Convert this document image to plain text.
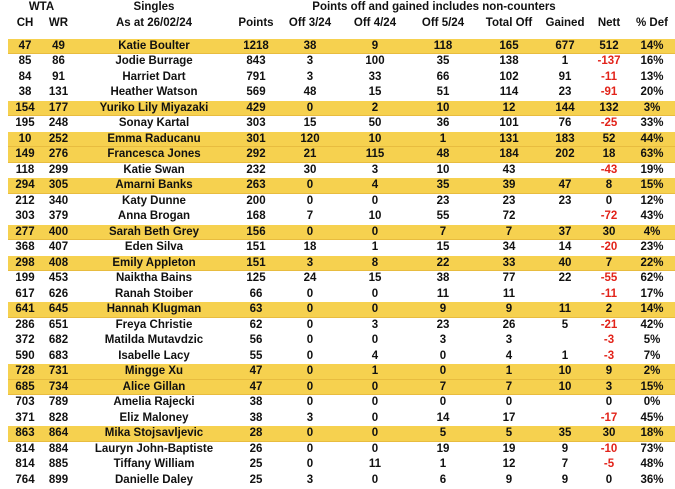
WTA		Singles		Points off and gained includes non-counters						
CH	WR	As at 26/02/24	Points	Off 3/24	Off 4/24	Off 5/24	Total Off	Gained	Nett	% Def

47	49	Katie Boulter	1218	38	9	118	165	677	512	14%
85	86	Jodie Burrage	843	3	100	35	138	1	-137	16%
84	91	Harriet Dart	791	3	33	66	102	91	-11	13%
38	131	Heather Watson	569	48	15	51	114	23	-91	20%
154	177	Yuriko Lily Miyazaki	429	0	2	10	12	144	132	3%
195	248	Sonay Kartal	303	15	50	36	101	76	-25	33%
10	252	Emma Raducanu	301	120	10	1	131	183	52	44%
149	276	Francesca Jones	292	21	115	48	184	202	18	63%
118	299	Katie Swan	232	30	3	10	43		-43	19%
294	305	Amarni Banks	263	0	4	35	39	47	8	15%
212	340	Katy Dunne	200	0	0	23	23	23	0	12%
303	379	Anna Brogan	168	7	10	55	72		-72	43%
277	400	Sarah Beth Grey	156	0	0	7	7	37	30	4%
368	407	Eden Silva	151	18	1	15	34	14	-20	23%
298	408	Emily Appleton	151	3	8	22	33	40	7	22%
199	453	Naiktha Bains	125	24	15	38	77	22	-55	62%
617	626	Ranah Stoiber	66	0	0	11	11		-11	17%
641	645	Hannah Klugman	63	0	0	9	9	11	2	14%
286	651	Freya Christie	62	0	3	23	26	5	-21	42%
372	682	Matilda Mutavdzic	56	0	0	3	3		-3	5%
590	683	Isabelle Lacy	55	0	4	0	4	1	-3	7%
728	731	Mingge Xu	47	0	1	0	1	10	9	2%
685	734	Alice Gillan	47	0	0	7	7	10	3	15%
703	789	Amelia Rajecki	38	0	0	0	0		0	0%
371	828	Eliz Maloney	38	3	0	14	17		-17	45%
863	864	Mika Stojsavljevic	28	0	0	5	5	35	30	18%
814	884	Lauryn John-Baptiste	26	0	0	19	19	9	-10	73%
814	885	Tiffany William	25	0	11	1	12	7	-5	48%
764	899	Danielle Daley	25	3	0	6	9	9	0	36%
